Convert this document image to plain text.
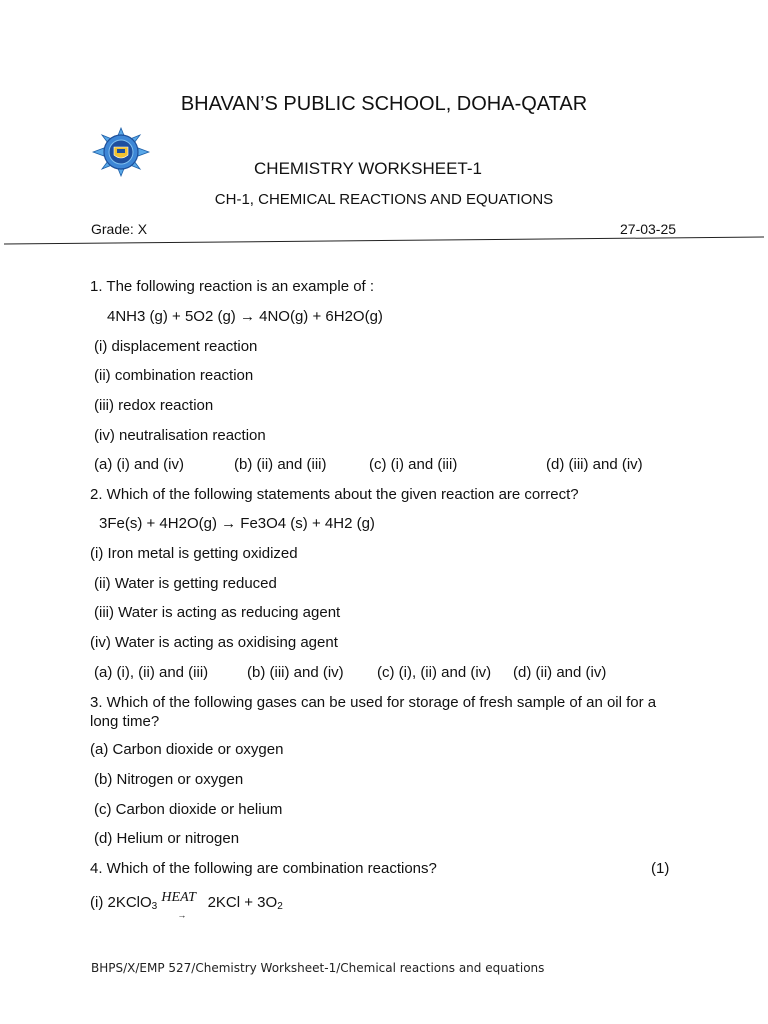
BHAVAN’S PUBLIC SCHOOL, DOHA-QATAR
CHEMISTRY WORKSHEET-1
CH-1, CHEMICAL REACTIONS AND EQUATIONS
Grade: X	27-03-25
1. The following reaction is an example of :
4NH3 (g) + 5O2 (g) → 4NO(g) + 6H2O(g)
(i) displacement reaction
(ii) combination reaction
(iii) redox reaction
(iv) neutralisation reaction
(a) (i) and (iv)	(b) (ii) and (iii)	(c) (i) and (iii)	(d) (iii) and (iv)
2. Which of the following statements about the given reaction are correct?
3Fe(s) + 4H2O(g) → Fe3O4 (s) + 4H2 (g)
(i) Iron metal is getting oxidized
(ii) Water is getting reduced
(iii) Water is acting as reducing agent
(iv) Water is acting as oxidising agent
(a) (i), (ii) and (iii)	(b) (iii) and (iv) (c) (i), (ii) and (iv) (d) (ii) and (iv)
3. Which of the following gases can be used for storage of fresh sample of an oil for a long time?
(a) Carbon dioxide or oxygen
(b) Nitrogen or oxygen
(c) Carbon dioxide or helium
(d) Helium or nitrogen
4. Which of the following are combination reactions?	(1)
(i) 2KClO$_3$ HEAT
→
$2KCl + 3O_2$
BHPS/X/EMP 527/Chemistry Worksheet-1/Chemical reactions and equations
